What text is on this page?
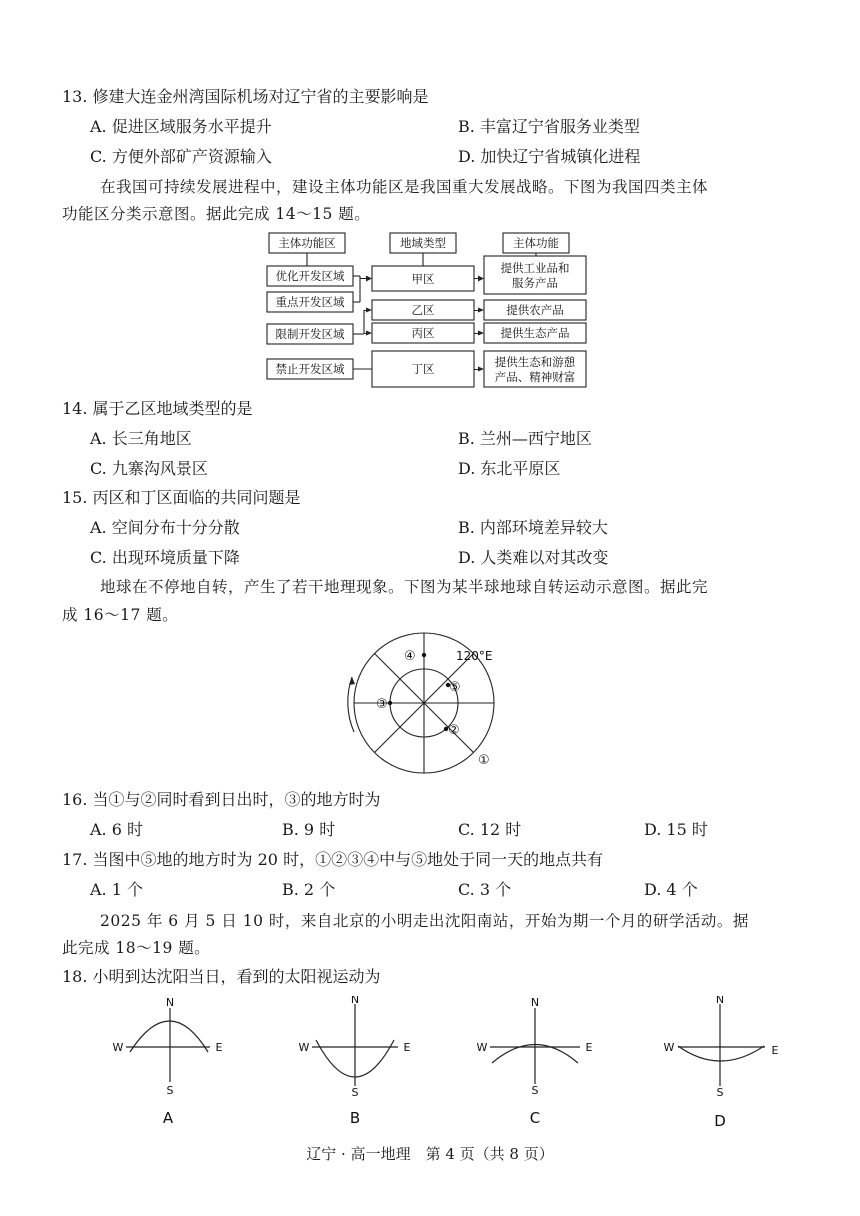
13. 修建大连金州湾国际机场对辽宁省的主要影响是
A. 促进区域服务水平提升	B. 丰富辽宁省服务业类型
C. 方便外部矿产资源输入	D. 加快辽宁省城镇化进程
在我国可持续发展进程中，建设主体功能区是我国重大发展战略。下图为我国四类主体
功能区分类示意图。据此完成 14～15 题。
主体功能区	地域类型	主体功能
优化开发区域
重点开发区域
限制开发区域
禁止开发区域
甲区
乙区
丙区
丁区
提供工业品和
服务产品
提供农产品
提供生态产品
提供生态和游憩
产品、精神财富
14. 属于乙区地域类型的是
A. 长三角地区	B. 兰州—西宁地区
C. 九寨沟风景区	D. 东北平原区
15. 丙区和丁区面临的共同问题是
A. 空间分布十分分散	B. 内部环境差异较大
C. 出现环境质量下降	D. 人类难以对其改变
地球在不停地自转，产生了若干地理现象。下图为某半球地球自转运动示意图。据此完
成 16～17 题。
120°E
④
③
⑤
②
①
16. 当①与②同时看到日出时，③的地方时为
A. 6 时	B. 9 时	C. 12 时	D. 15 时
17. 当图中⑤地的地方时为 20 时，①②③④中与⑤地处于同一天的地点共有
A. 1 个	B. 2 个	C. 3 个	D. 4 个
2025 年 6 月 5 日 10 时，来自北京的小明走出沈阳南站，开始为期一个月的研学活动。据
此完成 18～19 题。
18. 小明到达沈阳当日，看到的太阳视运动为
N
S
W	E
N
S
W	E
N
S
W	E
N
S
W	E
A	B	C	D
辽宁 · 高一地理　第 4 页（共 8 页）
